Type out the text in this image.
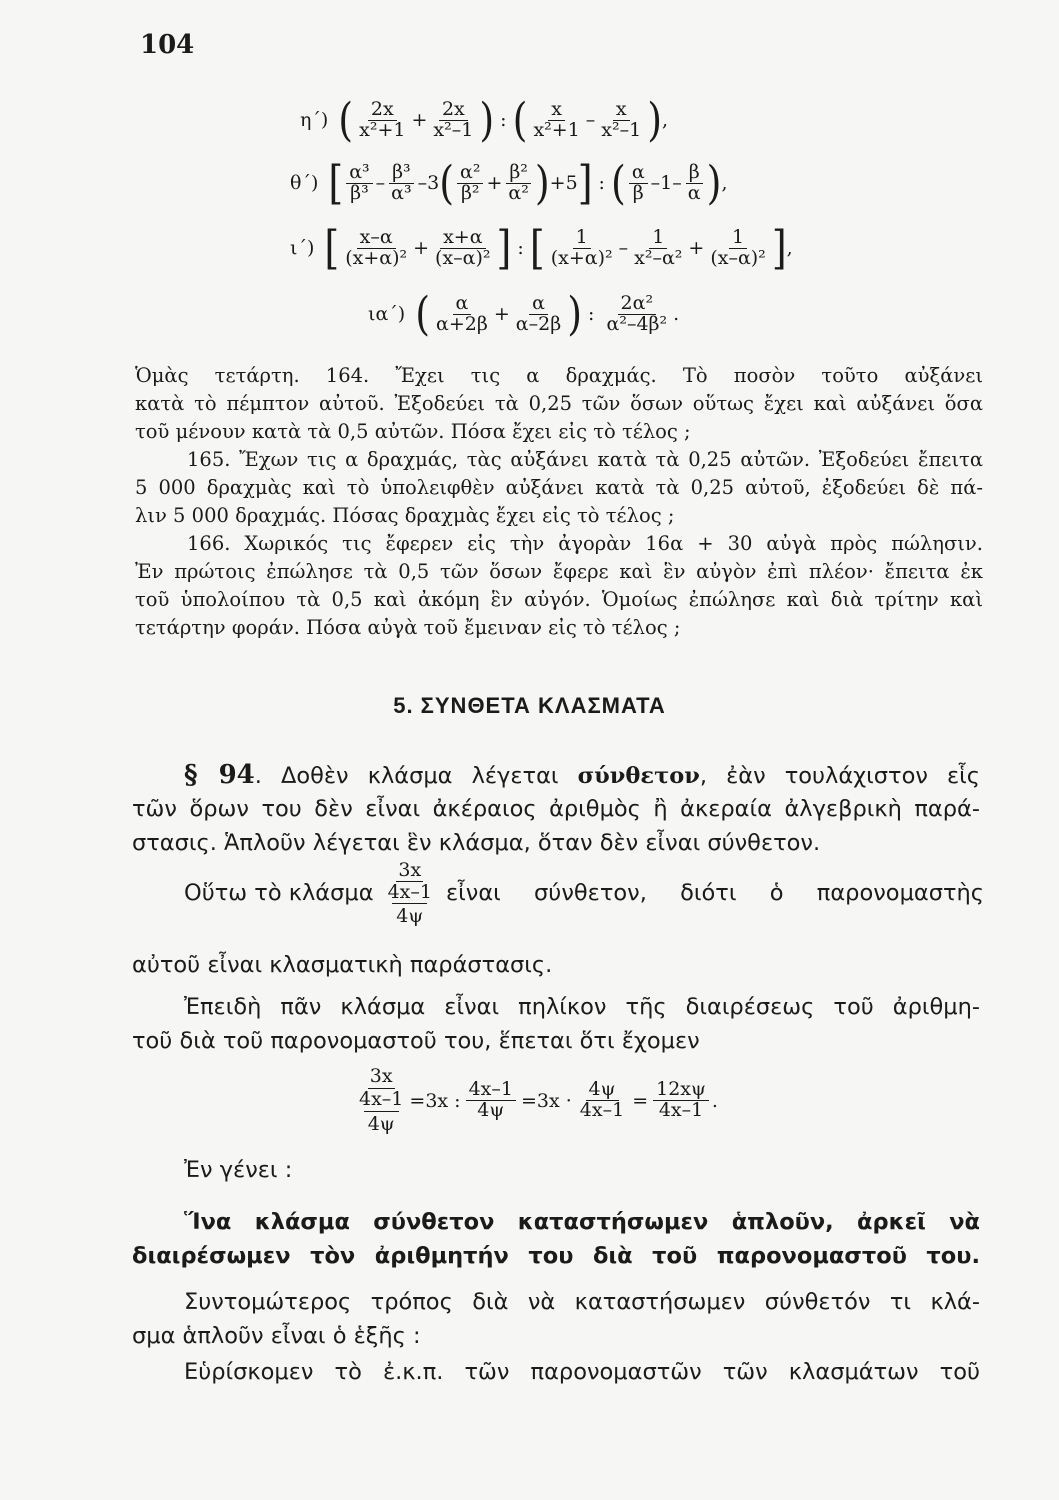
104
η΄) ( 2x
$x^2+1 + \frac{2x}{\text{x²–1}}$ ) : ( x
x²+1 –
x
x²–1 ) ,
θ΄) [ α³
β³ –
β³
α³ –3 ( α²
$\beta^2 + \frac{\text{β²}}{\text{α²}}$ ) +5 ] : ( α
β –1–
β
α ) ,
ι΄) [ x–α
$(x+\alpha)^2 + \frac{x+\alpha}{\text{(x–α)²}}$ ] : [ 1
(x+α)² –
1
$x^2-\alpha^2 + \frac{1}{\text{(x–α)²}}$ ] ,
ια΄) ( α
$\alpha+2\beta + \frac{\alpha}{\alpha-2\beta}$ ) :
2α²
α²–4β² .
Ὁμὰς τετάρτη. 164. Ἔχει τις α δραχμάς. Τὸ ποσὸν τοῦτο αὐξάνει
κατὰ τὸ πέμπτον αὐτοῦ. Ἐξοδεύει τὰ 0,25 τῶν ὅσων οὕτως ἔχει καὶ αὐξάνει ὅσα
τοῦ μένουν κατὰ τὰ 0,5 αὐτῶν. Πόσα ἔχει εἰς τὸ τέλος ;
165. Ἔχων τις α δραχμάς, τὰς αὐξάνει κατὰ τὰ 0,25 αὐτῶν. Ἐξοδεύει ἔπειτα
5 000 δραχμὰς καὶ τὸ ὑπολειφθὲν αὐξάνει κατὰ τὰ 0,25 αὐτοῦ, ἐξοδεύει δὲ πά-
λιν 5 000 δραχμάς. Πόσας δραχμὰς ἔχει εἰς τὸ τέλος ;
166. Χωρικός τις ἔφερεν εἰς τὴν ἀγορὰν 16α + 30 αὐγὰ πρὸς πώλησιν.
Ἐν πρώτοις ἐπώλησε τὰ 0,5 τῶν ὅσων ἔφερε καὶ ἓν αὐγὸν ἐπὶ πλέον· ἔπειτα ἐκ
τοῦ ὑπολοίπου τὰ 0,5 καὶ ἀκόμη ἓν αὐγόν. Ὁμοίως ἐπώλησε καὶ διὰ τρίτην καὶ
τετάρτην φοράν. Πόσα αὐγὰ τοῦ ἔμειναν εἰς τὸ τέλος ;
5. ΣΥΝΘΕΤΑ ΚΛΑΣΜΑΤΑ
§ 94. Δοθὲν κλάσμα λέγεται σύνθετον, ἐὰν τουλάχιστον εἷς
τῶν ὅρων του δὲν εἶναι ἀκέραιος ἀριθμὸς ἢ ἀκεραία ἀλγεβρικὴ παρά-
στασις. Ἁπλοῦν λέγεται ἓν κλάσμα, ὅταν δὲν εἶναι σύνθετον.
Οὕτω τὸ κλάσμα
3x
4x–1
4ψ
εἶναι σύνθετον, διότι ὁ παρονομαστὴς
αὐτοῦ εἶναι κλασματικὴ παράστασις.
Ἐπειδὴ πᾶν κλάσμα εἶναι πηλίκον τῆς διαιρέσεως τοῦ ἀριθμη-
τοῦ διὰ τοῦ παρονομαστοῦ του, ἕπεται ὅτι ἔχομεν
3x
4x–1
4ψ
=3x : $\frac{4x-1}{4\psi} =3x \cdot \frac{4\psi}{4x-1} = \frac{12x\psi}{4x-1}$ .
Ἐν γένει :
Ἵνα κλάσμα σύνθετον καταστήσωμεν ἁπλοῦν, ἀρκεῖ νὰ
διαιρέσωμεν τὸν ἀριθμητήν του διὰ τοῦ παρονομαστοῦ του.
Συντομώτερος τρόπος διὰ νὰ καταστήσωμεν σύνθετόν τι κλά-
σμα ἁπλοῦν εἶναι ὁ ἑξῆς :
Εὑρίσκομεν τὸ ἐ.κ.π. τῶν παρονομαστῶν τῶν κλασμάτων τοῦ
